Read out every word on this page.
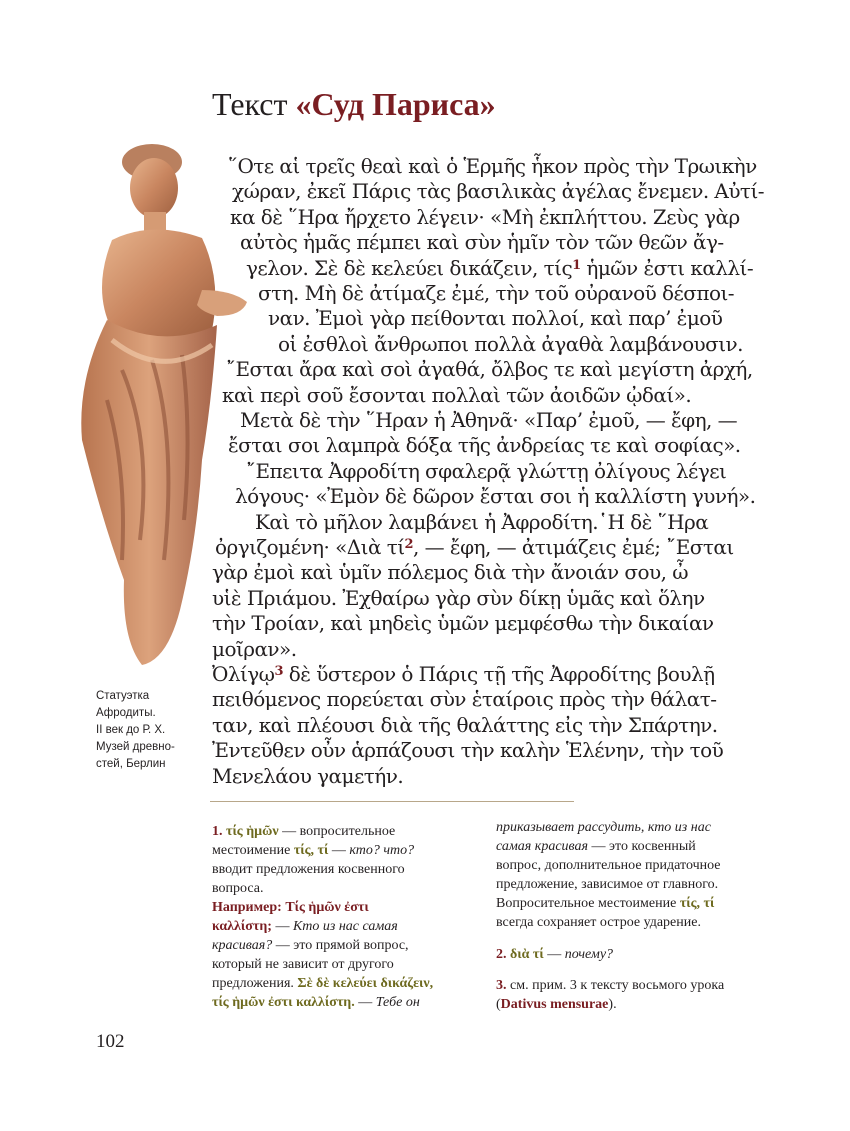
Текст «Суд Париса»
Статуэтка
Афродиты.
II век до Р. Х.
Музей древно-
стей, Берлин
῞Οτε αἱ τρεῖς θεαὶ καὶ ὁ Ἑρμῆς ἧκον πρὸς τὴν Τρωικὴν
χώραν, ἐκεῖ Πάρις τὰς βασιλικὰς ἀγέλας ἔνεμεν. Αὐτί-
κα δὲ ῞Ηρα ἤρχετο λέγειν· «Μὴ ἐκπλήττου. Ζεὺς γὰρ
αὐτὸς ἡμᾶς πέμπει καὶ σὺν ἡμῖν τὸν τῶν θεῶν ἄγ-
γελον. Σὲ δὲ κελεύει δικάζειν, τίς$^1$ ἡμῶν ἐστι καλλί-
στη. Μὴ δὲ ἀτίμαζε ἐμέ, τὴν τοῦ οὐρανοῦ δέσποι-
ναν. Ἐμοὶ γὰρ πείθονται πολλοί, καὶ παρ’ ἐμοῦ
οἱ ἐσθλοὶ ἄνθρωποι πολλὰ ἀγαθὰ λαμβάνουσιν.
῎Εσται ἄρα καὶ σοὶ ἀγαθά, ὄλβος τε καὶ μεγίστη ἀρχή,
καὶ περὶ σοῦ ἔσονται πολλαὶ τῶν ἀοιδῶν ᾠδαί».
Μετὰ δὲ τὴν ῞Ηραν ἡ Ἀθηνᾶ· «Παρ’ ἐμοῦ, — ἔφη, —
ἔσται σοι λαμπρὰ δόξα τῆς ἀνδρείας τε καὶ σοφίας».
῎Επειτα Ἀφροδίτη σφαλερᾷ γλώττῃ ὀλίγους λέγει
λόγους· «Ἐμὸν δὲ δῶρον ἔσται σοι ἡ καλλίστη γυνή».
Καὶ τὸ μῆλον λαμβάνει ἡ Ἀφροδίτη.῾Η δὲ ῞Ηρα
ὀργιζομένη· «Διὰ $\tau ί^2$, — ἔφη, — ἀτιμάζεις ἐμέ; ῎Εσται
γὰρ ἐμοὶ καὶ ὑμῖν πόλεμος διὰ τὴν ἄνοιάν σου, ὦ
υἱὲ Πριάμου. Ἐχθαίρω γὰρ σὺν δίκῃ ὑμᾶς καὶ ὅλην
τὴν Τροίαν, καὶ μηδεὶς ὑμῶν μεμφέσθω τὴν δικαίαν
μοῖραν».
Ὀλίγῳ$^3$ δὲ ὕστερον ὁ Πάρις τῇ τῆς Ἀφροδίτης βουλῇ
πειθόμενος πορεύεται σὺν ἑταίροις πρὸς τὴν θάλατ-
ταν, καὶ πλέουσι διὰ τῆς θαλάττης εἰς τὴν Σπάρτην.
Ἐντεῦθεν οὖν ἁρπάζουσι τὴν καλὴν Ἑλένην, τὴν τοῦ
Μενελάου γαμετήν.
1. τίς ἡμῶν — вопросительное
местоимение τίς, τί — кто? что?
вводит предложения косвенного
вопроса.
Например: Τίς ἡμῶν ἐστι
καλλίστη; — Кто из нас самая
красивая? — это прямой вопрос,
который не зависит от другого
предложения. Σὲ δὲ κελεύει δικάζειν,
τίς ἡμῶν ἐστι καλλίστη. — Тебе он
приказывает рассудить, кто из нас
самая красивая — это косвенный
вопрос, дополнительное придаточное
предложение, зависимое от главного.
Вопросительное местоимение τίς, τί
всегда сохраняет острое ударение.
2. διὰ τί — почему?
3. см. прим. 3 к тексту восьмого урока
(Dativus mensurae).
102
